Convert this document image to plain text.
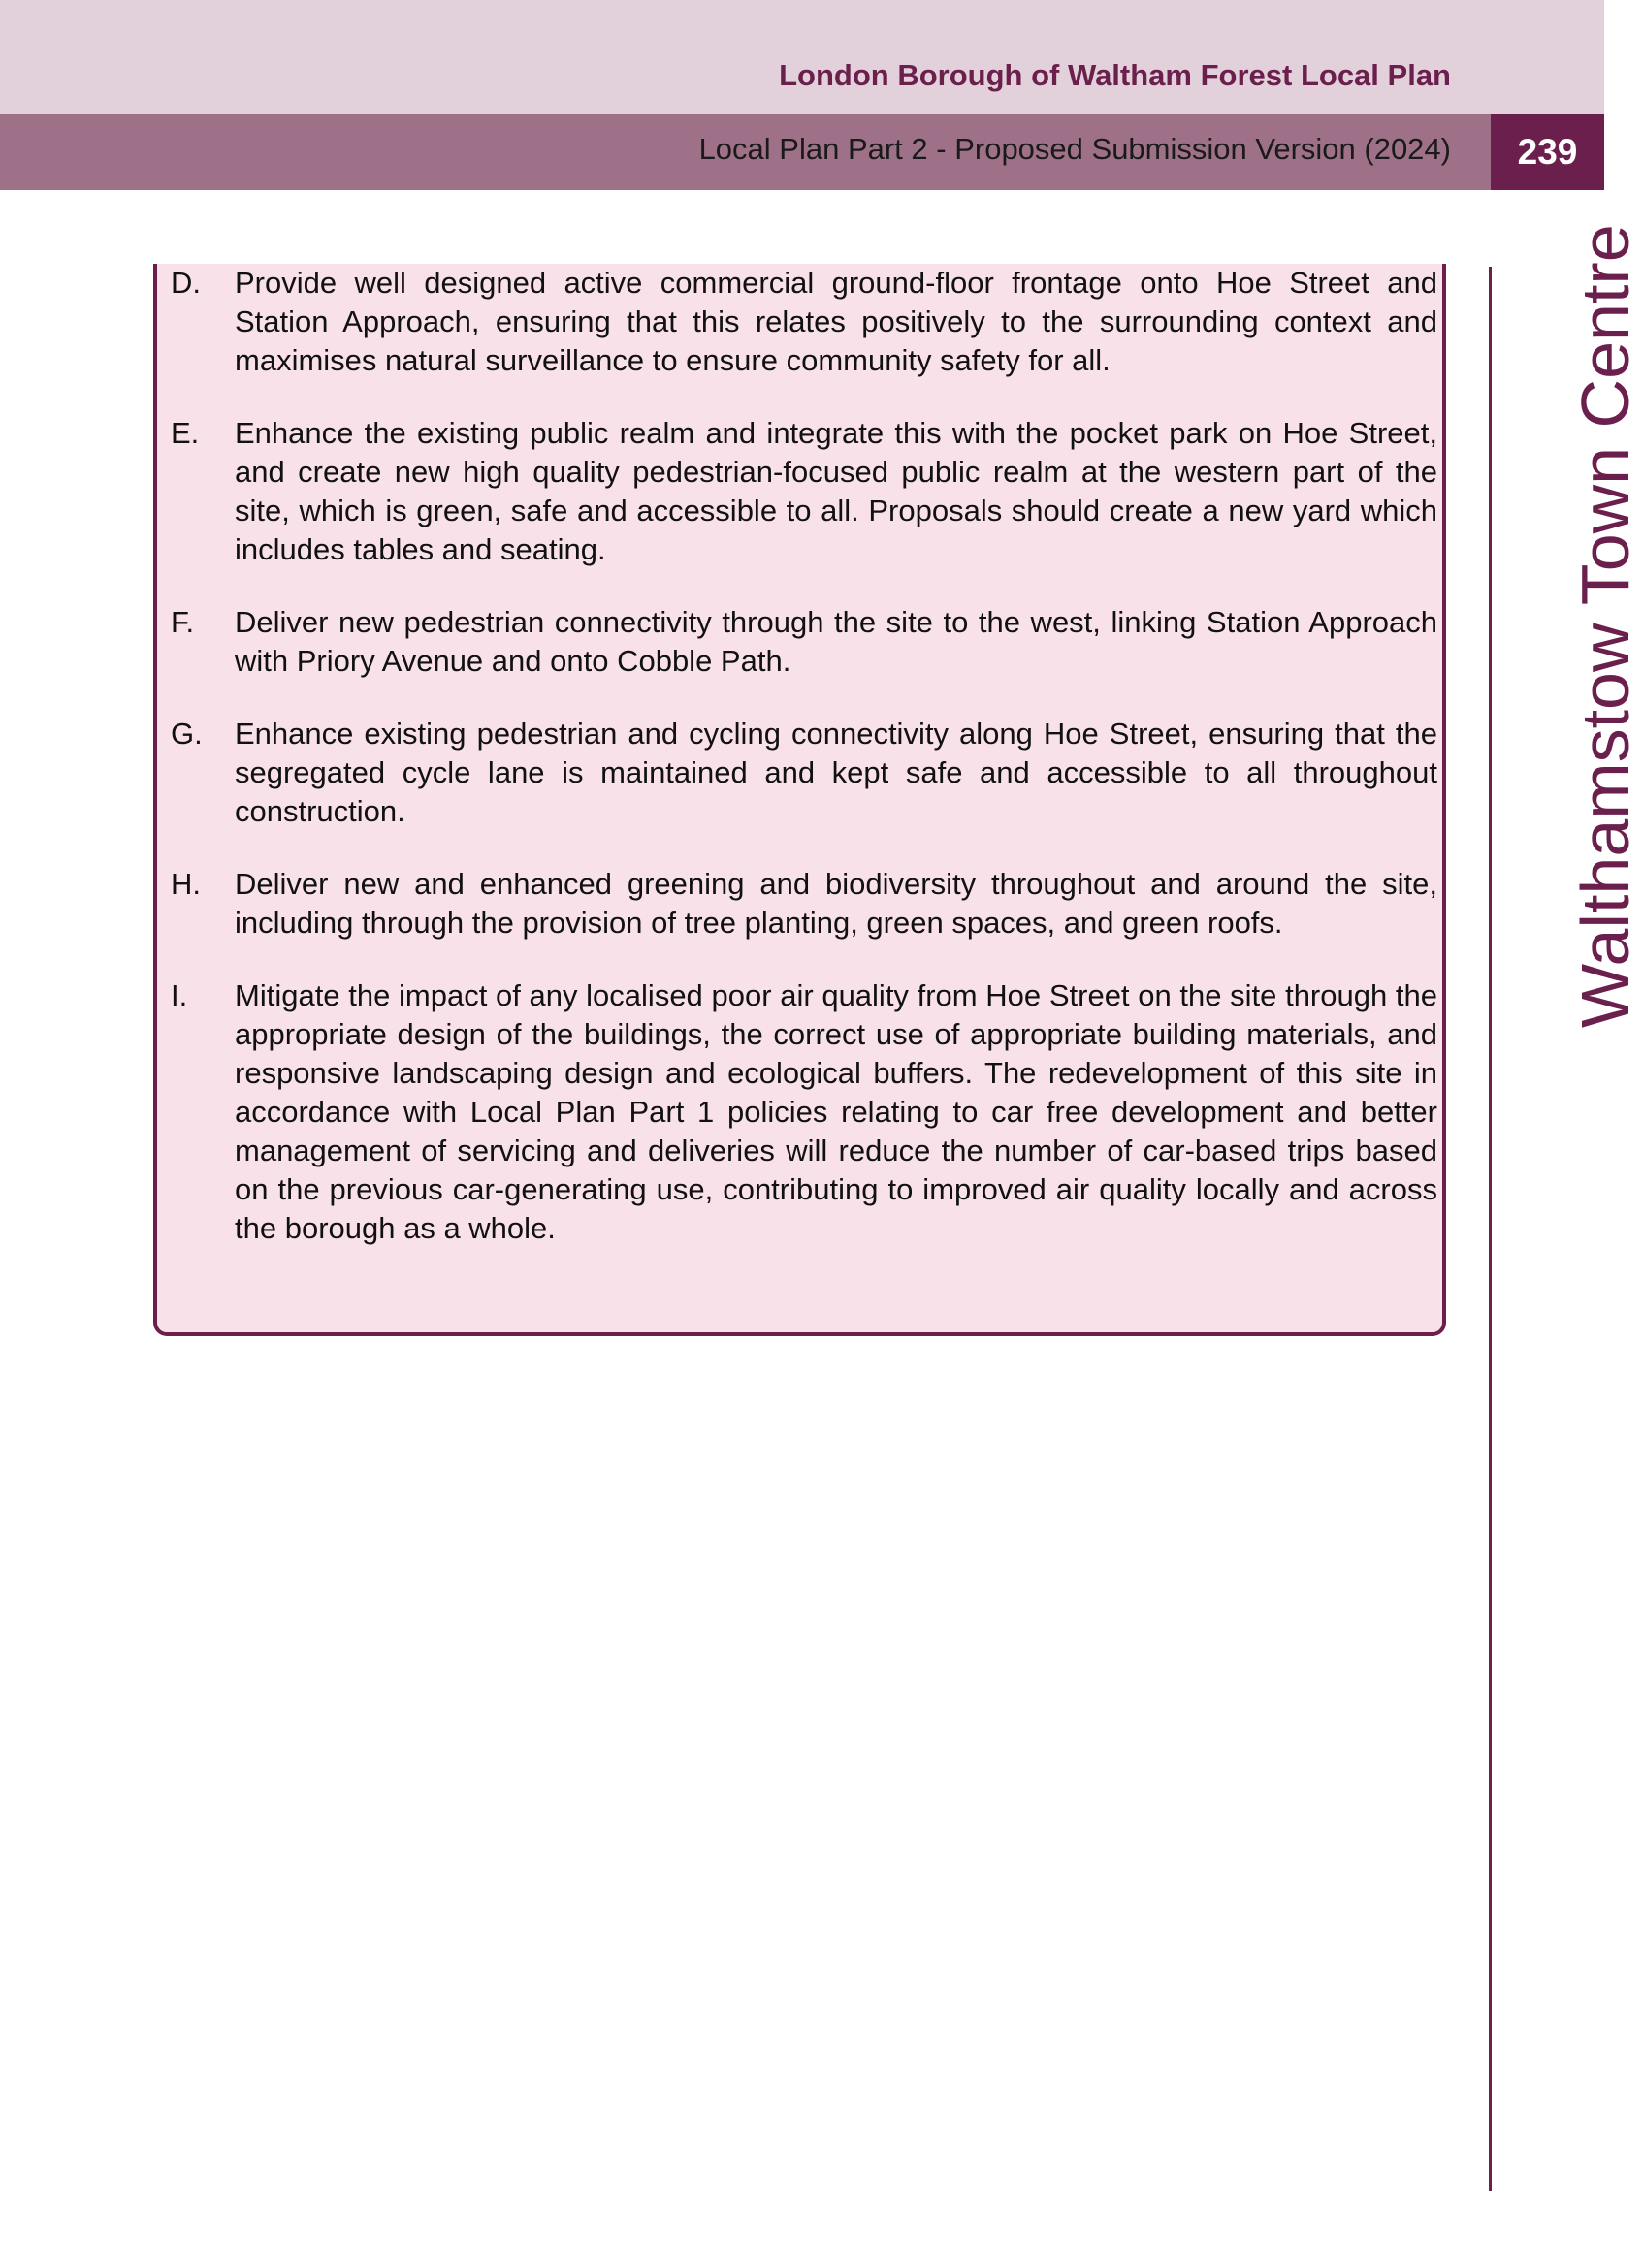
London Borough of Waltham Forest Local Plan
Local Plan Part 2 - Proposed Submission Version (2024)	239
Walthamstow Town Centre
D.	Provide well designed active commercial ground-floor frontage onto Hoe Street and Station Approach, ensuring that this relates positively to the surrounding context and maximises natural surveillance to ensure community safety for all.
E.	Enhance the existing public realm and integrate this with the pocket park on Hoe Street, and create new high quality pedestrian-focused public realm at the western part of the site, which is green, safe and accessible to all. Proposals should create a new yard which includes tables and seating.
F.	Deliver new pedestrian connectivity through the site to the west, linking Station Approach with Priory Avenue and onto Cobble Path.
G.	Enhance existing pedestrian and cycling connectivity along Hoe Street, ensuring that the segregated cycle lane is maintained and kept safe and accessible to all throughout construction.
H.	Deliver new and enhanced greening and biodiversity throughout and around the site, including through the provision of tree planting, green spaces, and green roofs.
I.	Mitigate the impact of any localised poor air quality from Hoe Street on the site through the appropriate design of the buildings, the correct use of appropriate building materials, and responsive landscaping design and ecological buffers. The redevelopment of this site in accordance with Local Plan Part 1 policies relating to car free development and better management of servicing and deliveries will reduce the number of car-based trips based on the previous car-generating use, contributing to improved air quality locally and across the borough as a whole.
